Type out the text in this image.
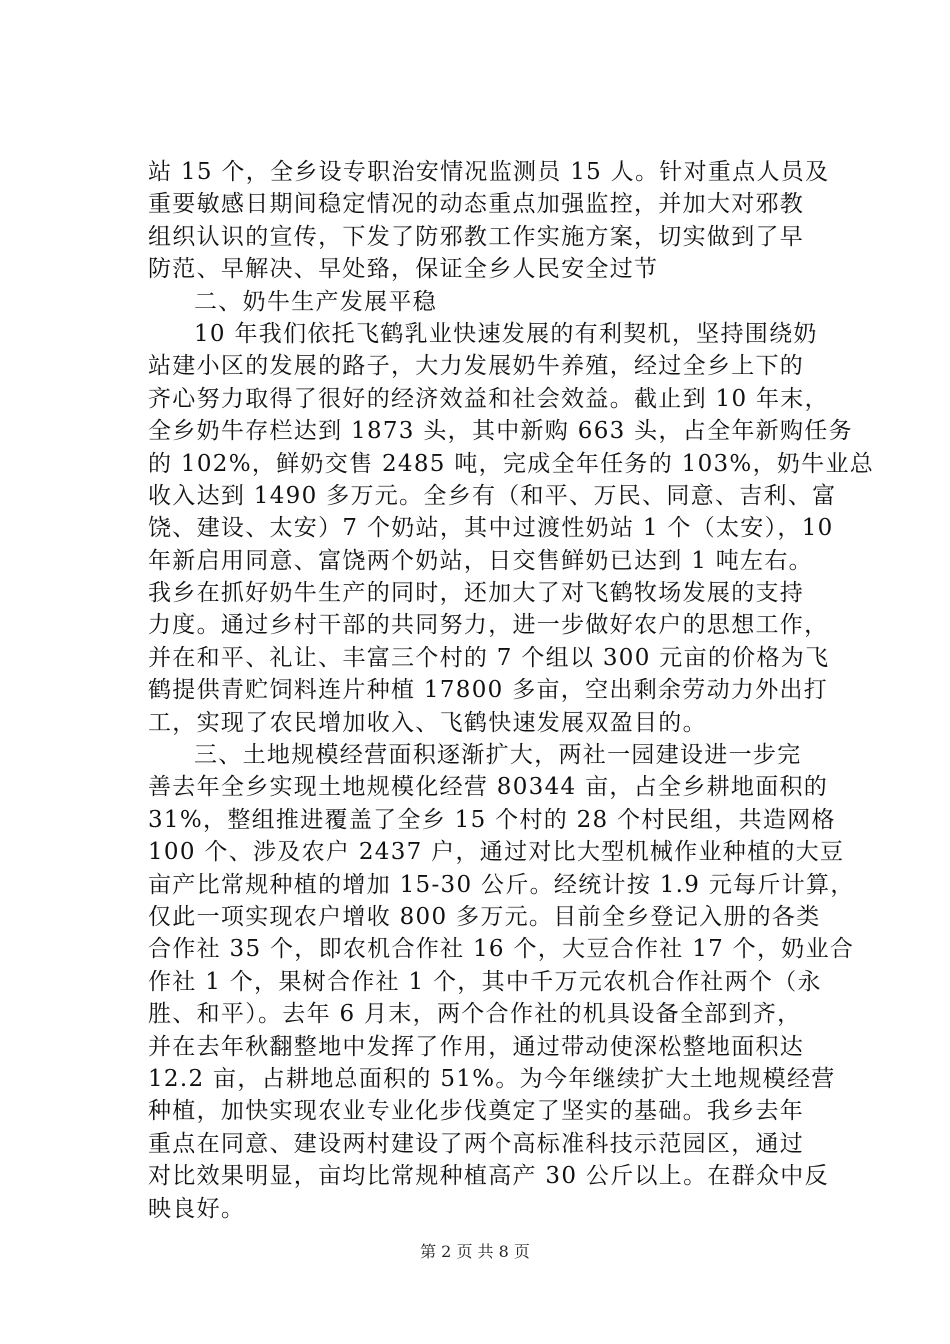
站 15 个，全乡设专职治安情况监测员 15 人。针对重点人员及
重要敏感日期间稳定情况的动态重点加强监控，并加大对邪教
组织认识的宣传，下发了防邪教工作实施方案，切实做到了早
防范、早解决、早处臵，保证全乡人民安全过节
二、奶牛生产发展平稳
10 年我们依托飞鹤乳业快速发展的有利契机，坚持围绕奶
站建小区的发展的路子，大力发展奶牛养殖，经过全乡上下的
齐心努力取得了很好的经济效益和社会效益。截止到 10 年末，
全乡奶牛存栏达到 1873 头，其中新购 663 头，占全年新购任务
的 102%，鲜奶交售 2485 吨，完成全年任务的 103%，奶牛业总
收入达到 1490 多万元。全乡有（和平、万民、同意、吉利、富
饶、建设、太安）7 个奶站，其中过渡性奶站 1 个（太安），10
年新启用同意、富饶两个奶站，日交售鲜奶已达到 1 吨左右。
我乡在抓好奶牛生产的同时，还加大了对飞鹤牧场发展的支持
力度。通过乡村干部的共同努力，进一步做好农户的思想工作，
并在和平、礼让、丰富三个村的 7 个组以 300 元亩的价格为飞
鹤提供青贮饲料连片种植 17800 多亩，空出剩余劳动力外出打
工，实现了农民增加收入、飞鹤快速发展双盈目的。
三、土地规模经营面积逐渐扩大，两社一园建设进一步完
善去年全乡实现土地规模化经营 80344 亩，占全乡耕地面积的
31%，整组推进覆盖了全乡 15 个村的 28 个村民组，共造网格
100 个、涉及农户 2437 户，通过对比大型机械作业种植的大豆
亩产比常规种植的增加 15-30 公斤。经统计按 1.9 元每斤计算，
仅此一项实现农户增收 800 多万元。目前全乡登记入册的各类
合作社 35 个，即农机合作社 16 个，大豆合作社 17 个，奶业合
作社 1 个，果树合作社 1 个，其中千万元农机合作社两个（永
胜、和平）。去年 6 月末，两个合作社的机具设备全部到齐，
并在去年秋翻整地中发挥了作用，通过带动使深松整地面积达
12.2 亩，占耕地总面积的 51%。为今年继续扩大土地规模经营
种植，加快实现农业专业化步伐奠定了坚实的基础。我乡去年
重点在同意、建设两村建设了两个高标准科技示范园区，通过
对比效果明显，亩均比常规种植高产 30 公斤以上。在群众中反
映良好。
第 2 页 共 8 页
